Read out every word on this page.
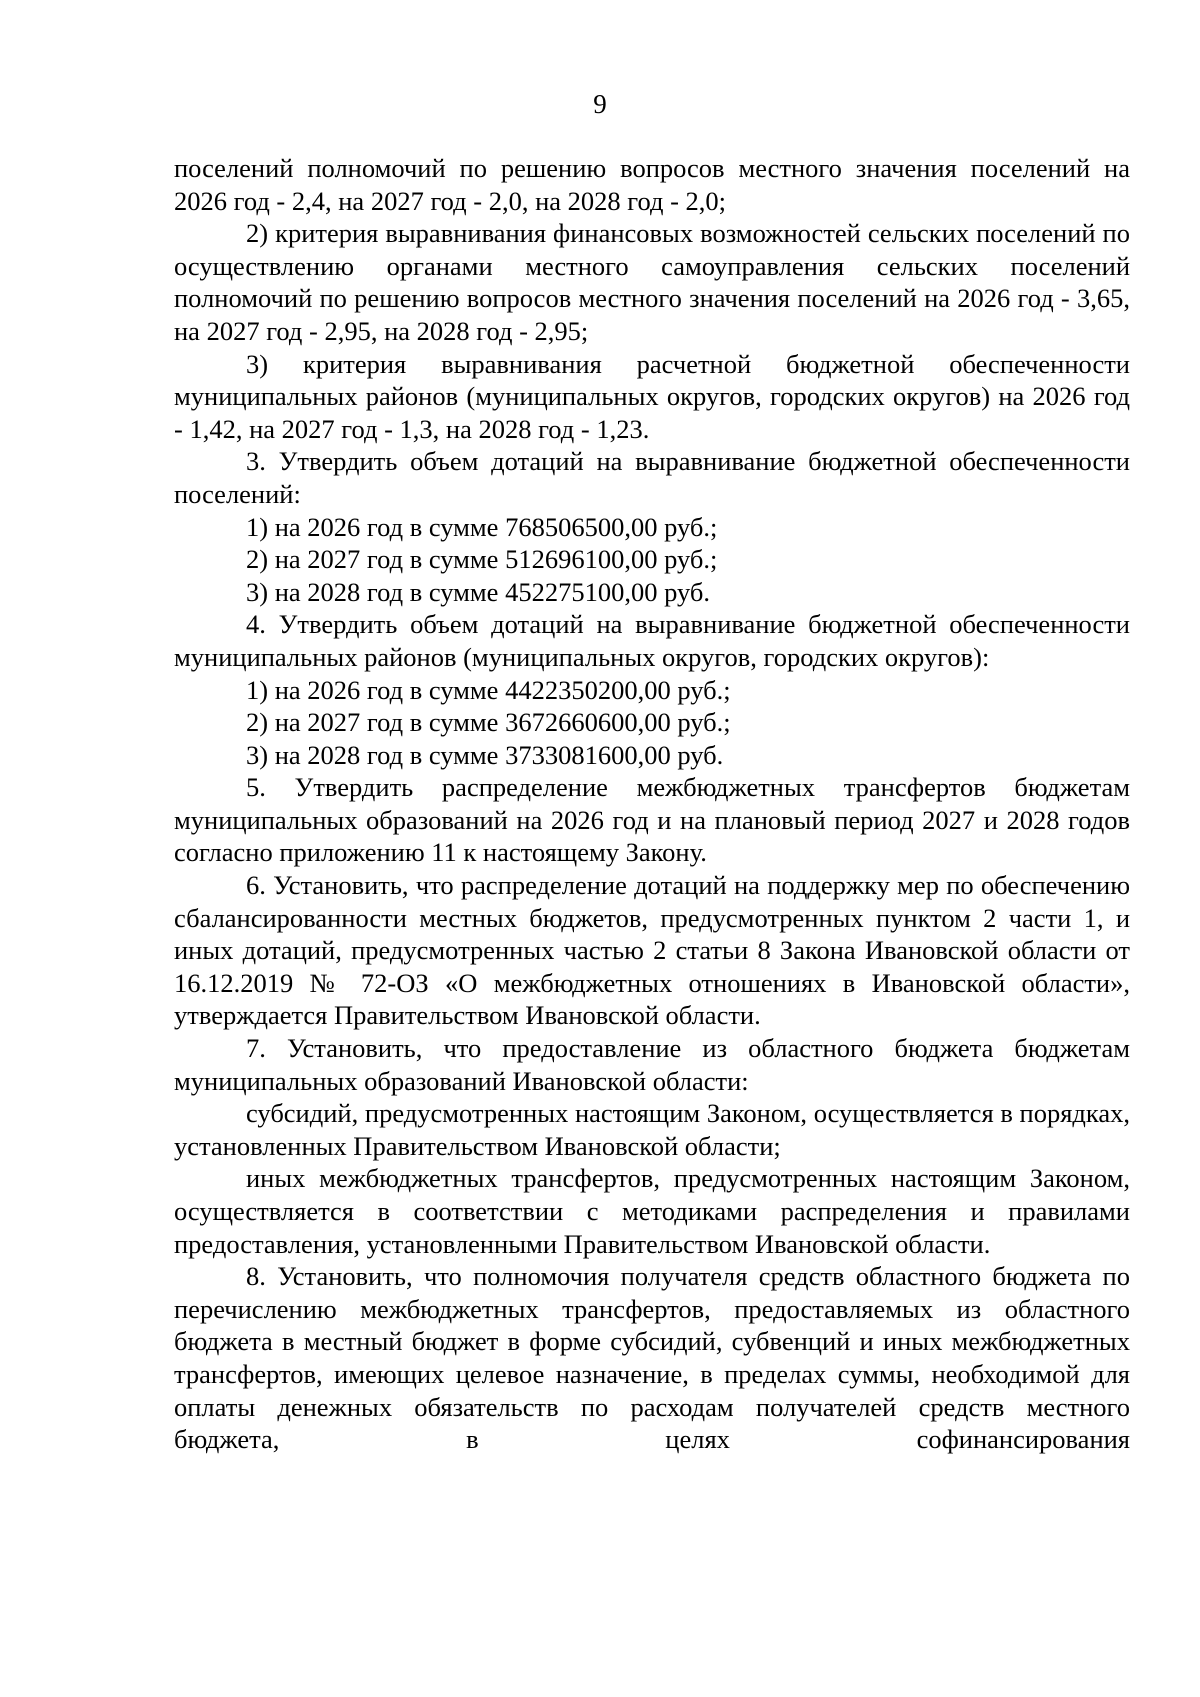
9

поселений полномочий по решению вопросов местного значения поселений на 2026 год - 2,4, на 2027 год - 2,0, на 2028 год - 2,0;

2) критерия выравнивания финансовых возможностей сельских поселений по осуществлению органами местного самоуправления сельских поселений полномочий по решению вопросов местного значения поселений на 2026 год - 3,65, на 2027 год - 2,95, на 2028 год - 2,95;

3) критерия выравнивания расчетной бюджетной обеспеченности муниципальных районов (муниципальных округов, городских округов) на 2026 год - 1,42, на 2027 год - 1,3, на 2028 год - 1,23.

3. Утвердить объем дотаций на выравнивание бюджетной обеспеченности поселений:

1) на 2026 год в сумме 768506500,00 руб.;

2) на 2027 год в сумме 512696100,00 руб.;

3) на 2028 год в сумме 452275100,00 руб.

4. Утвердить объем дотаций на выравнивание бюджетной обеспеченности муниципальных районов (муниципальных округов, городских округов):

1) на 2026 год в сумме 4422350200,00 руб.;

2) на 2027 год в сумме 3672660600,00 руб.;

3) на 2028 год в сумме 3733081600,00 руб.

5. Утвердить распределение межбюджетных трансфертов бюджетам муниципальных образований на 2026 год и на плановый период 2027 и 2028 годов согласно приложению 11 к настоящему Закону.

6. Установить, что распределение дотаций на поддержку мер по обеспечению сбалансированности местных бюджетов, предусмотренных пунктом 2 части 1, и иных дотаций, предусмотренных частью 2 статьи 8 Закона Ивановской области от 16.12.2019 № 72-ОЗ «О межбюджетных отношениях в Ивановской области», утверждается Правительством Ивановской области.

7. Установить, что предоставление из областного бюджета бюджетам муниципальных образований Ивановской области:

субсидий, предусмотренных настоящим Законом, осуществляется в порядках, установленных Правительством Ивановской области;

иных межбюджетных трансфертов, предусмотренных настоящим Законом, осуществляется в соответствии с методиками распределения и правилами предоставления, установленными Правительством Ивановской области.

8. Установить, что полномочия получателя средств областного бюджета по перечислению межбюджетных трансфертов, предоставляемых из областного бюджета в местный бюджет в форме субсидий, субвенций и иных межбюджетных трансфертов, имеющих целевое назначение, в пределах суммы, необходимой для оплаты денежных обязательств по расходам получателей средств местного бюджета, в целях софинансирования
